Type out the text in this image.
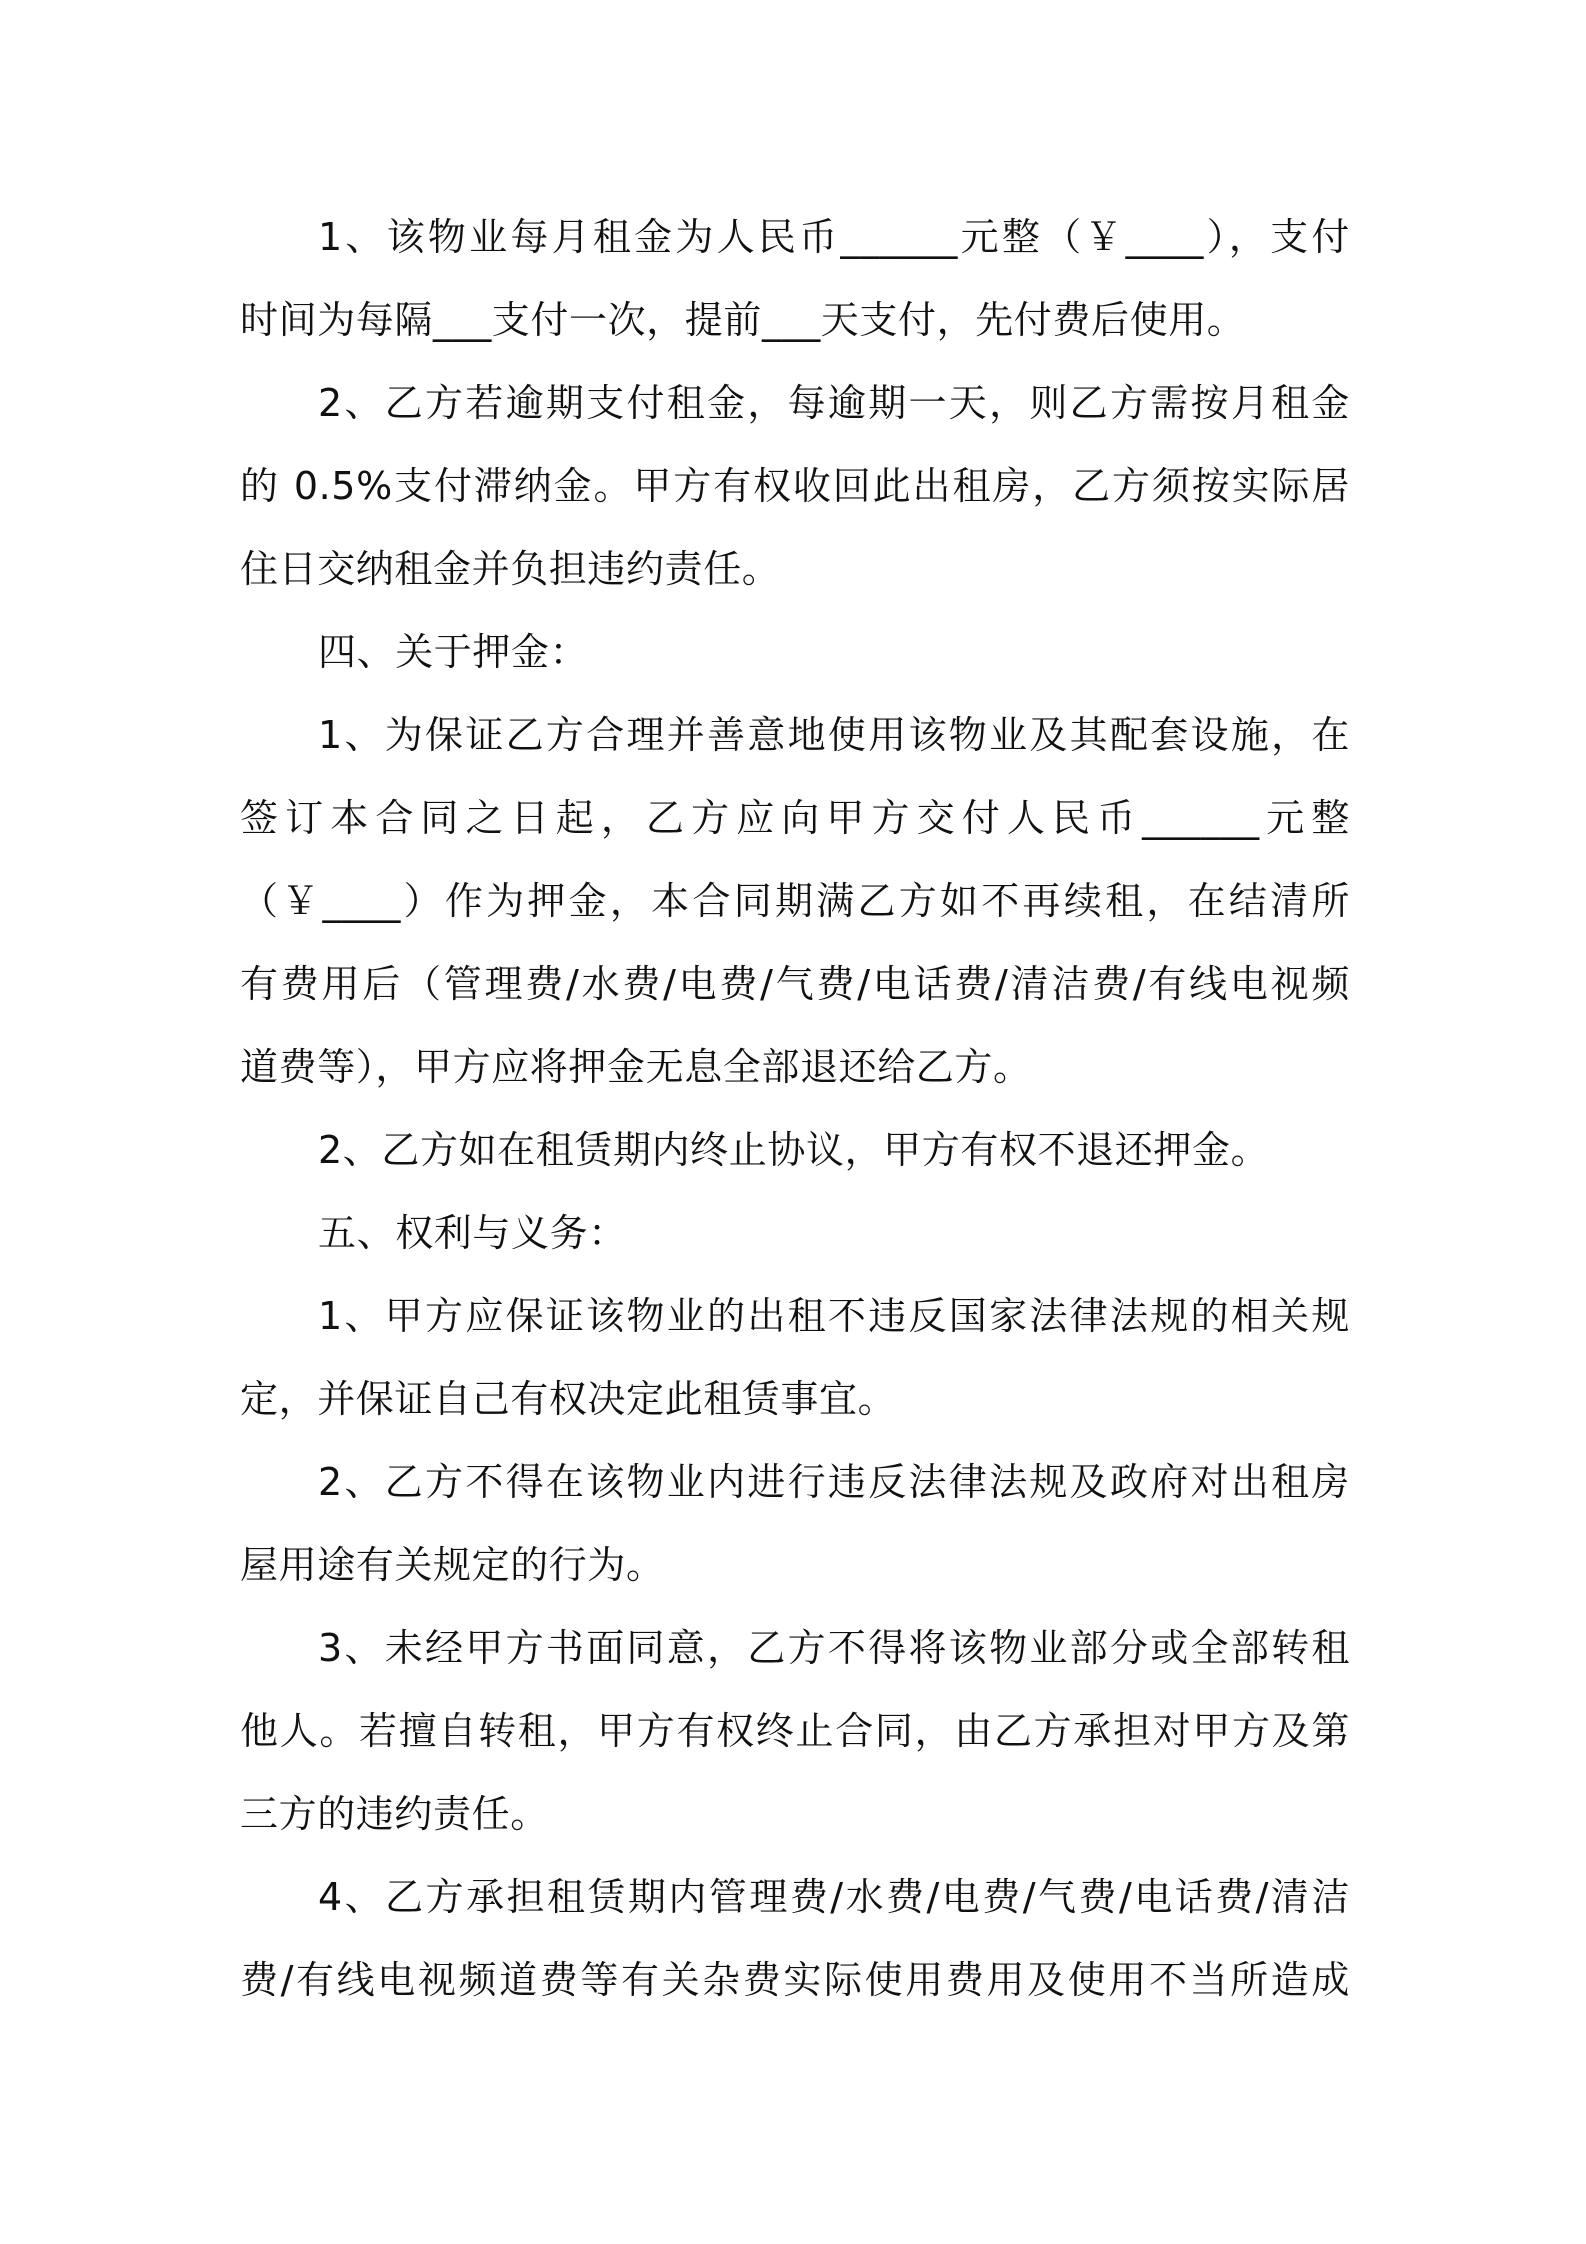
1、该物业每月租金为人民币______元整（￥____），支付
时间为每隔___支付一次，提前___天支付，先付费后使用。

2、乙方若逾期支付租金，每逾期一天，则乙方需按月租金
的 0.5%支付滞纳金。甲方有权收回此出租房，乙方须按实际居
住日交纳租金并负担违约责任。

四、关于押金：

1、为保证乙方合理并善意地使用该物业及其配套设施，在
签订本合同之日起，乙方应向甲方交付人民币______元整
（￥____）作为押金，本合同期满乙方如不再续租，在结清所
有费用后（管理费/水费/电费/气费/电话费/清洁费/有线电视频
道费等），甲方应将押金无息全部退还给乙方。

2、乙方如在租赁期内终止协议，甲方有权不退还押金。

五、权利与义务：

1、甲方应保证该物业的出租不违反国家法律法规的相关规
定，并保证自己有权决定此租赁事宜。

2、乙方不得在该物业内进行违反法律法规及政府对出租房
屋用途有关规定的行为。

3、未经甲方书面同意，乙方不得将该物业部分或全部转租
他人。若擅自转租，甲方有权终止合同，由乙方承担对甲方及第
三方的违约责任。

4、乙方承担租赁期内管理费/水费/电费/气费/电话费/清洁
费/有线电视频道费等有关杂费实际使用费用及使用不当所造成
